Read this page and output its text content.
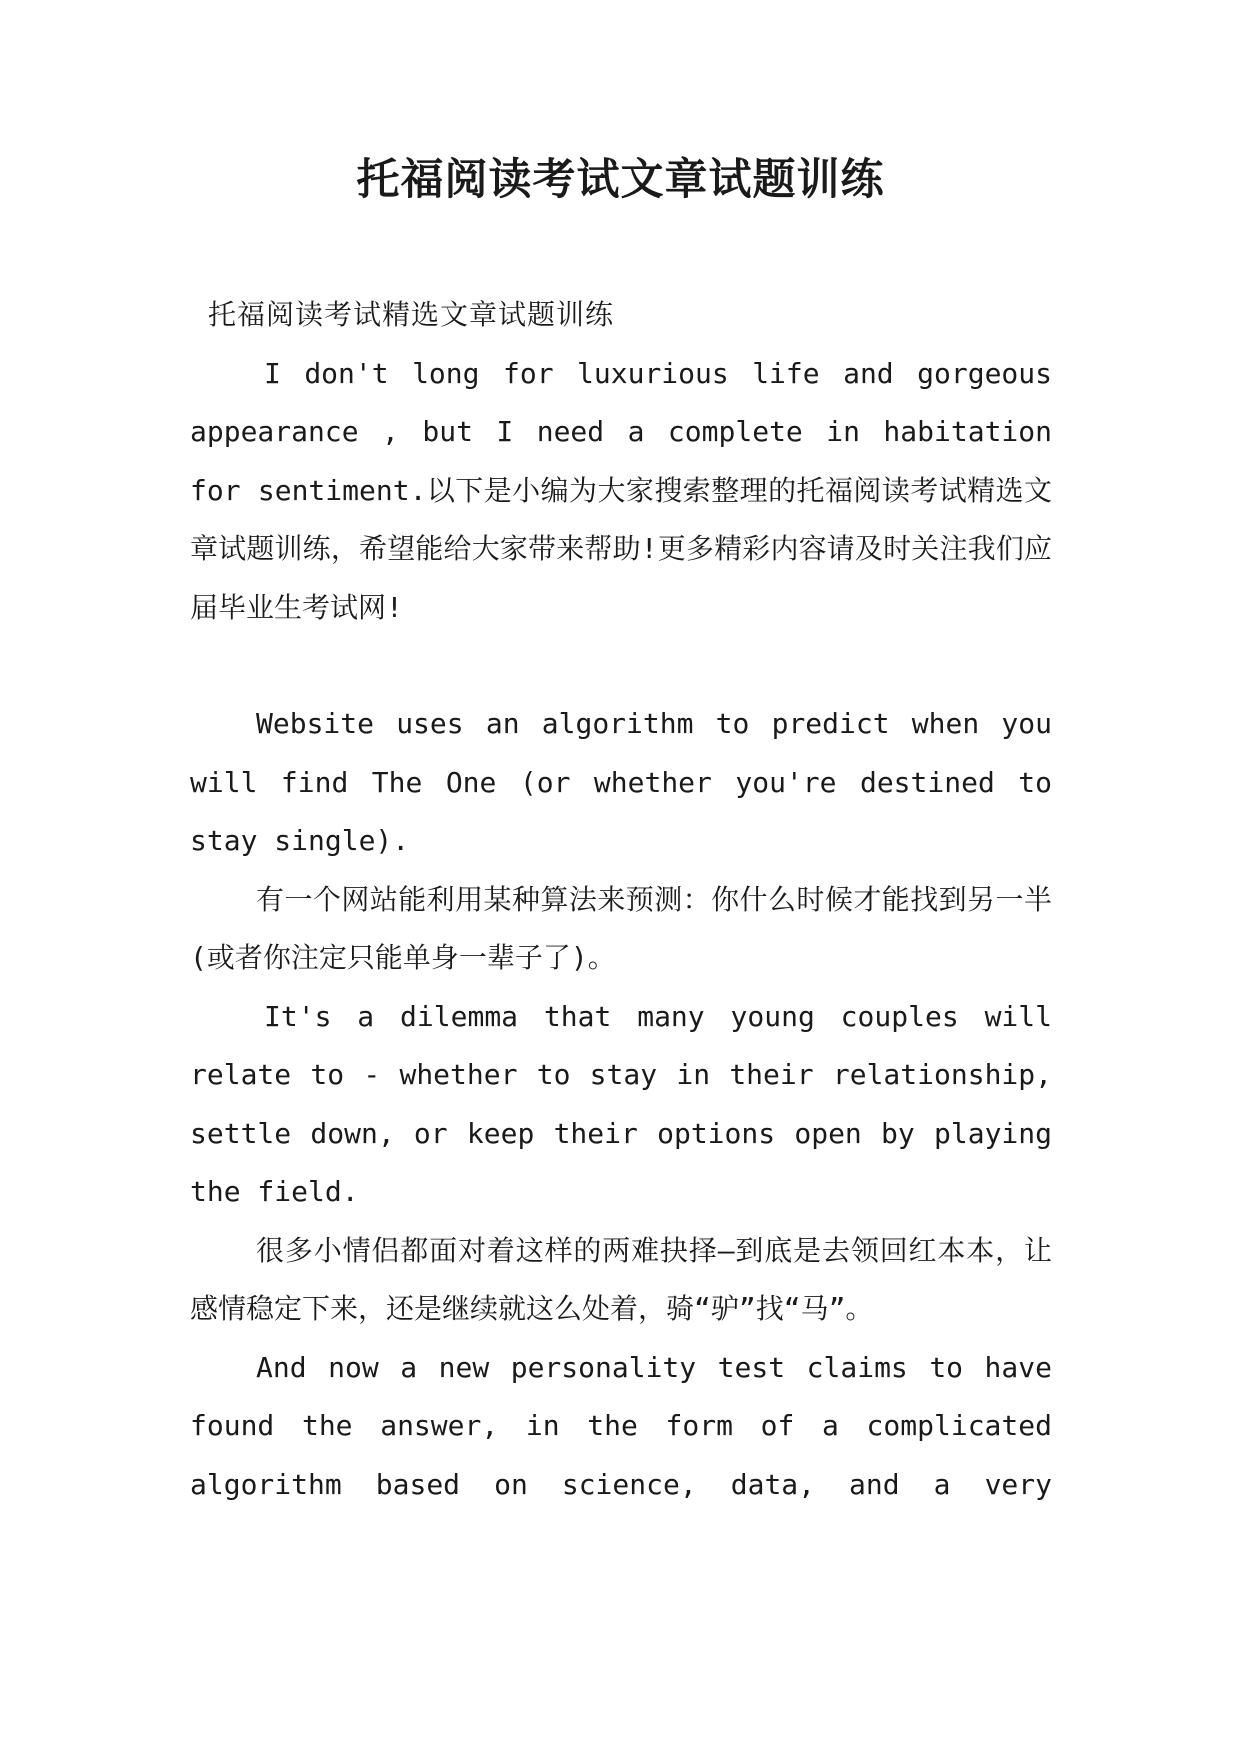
托福阅读考试文章试题训练

托福阅读考试精选文章试题训练

I don't long for luxurious life and gorgeous appearance , but I need a complete in habitation for sentiment.以下是小编为大家搜索整理的托福阅读考试精选文章试题训练，希望能给大家带来帮助!更多精彩内容请及时关注我们应届毕业生考试网!

Website uses an algorithm to predict when you will find The One (or whether you're destined to stay single).

有一个网站能利用某种算法来预测：你什么时候才能找到另一半(或者你注定只能单身一辈子了)。

It's a dilemma that many young couples will relate to - whether to stay in their relationship, settle down, or keep their options open by playing the field.

很多小情侣都面对着这样的两难抉择—到底是去领回红本本，让感情稳定下来，还是继续就这么处着，骑“驴”找“马”。

And now a new personality test claims to have found the answer, in the form of a complicated algorithm based on science, data, and a very
